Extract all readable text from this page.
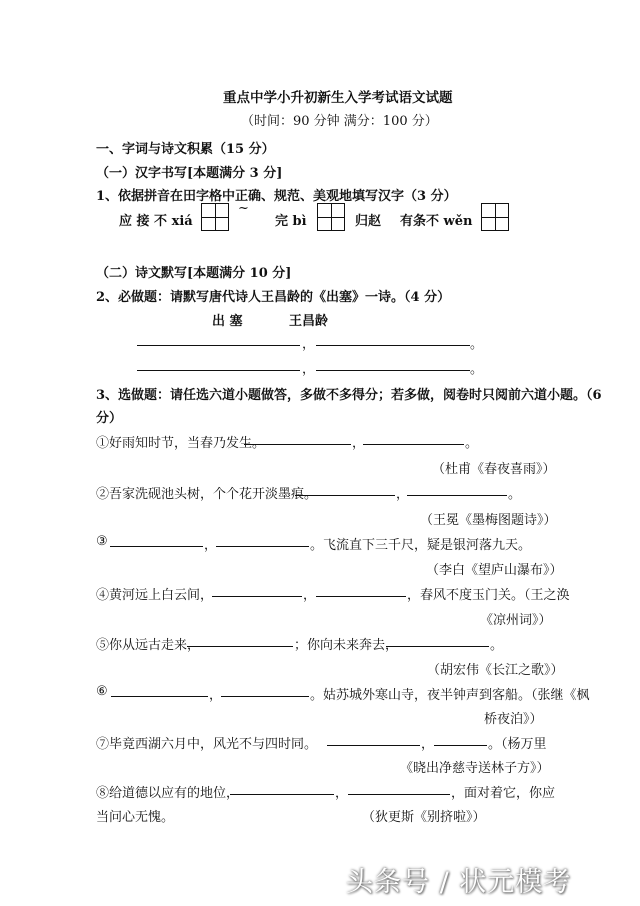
重点中学小升初新生入学考试语文试题
（时间：90 分钟 满分：100 分）
一、字词与诗文积累（15 分）
（一）汉字书写[本题满分 3 分]
1、依据拼音在田字格中正确、规范、美观地填写汉字（3 分）
应 接 不 xiá
~
完 bì	归赵 有条不 wěn
（二）诗文默写[本题满分 10 分]
2、必做题：请默写唐代诗人王昌龄的《出塞》一诗。（4 分）
出 塞	王昌龄
，	。
，	。
3、选做题：请任选六道小题做答，多做不多得分；若多做，阅卷时只阅前六道小题。（6
分）
①好雨知时节，当春乃发生。	，	。
（杜甫《春夜喜雨》）
②吾家洗砚池头树，个个花开淡墨痕。	，	。
（王冕《墨梅图题诗》）
③	，	。飞流直下三千尺，疑是银河落九天。
（李白《望庐山瀑布》）
④黄河远上白云间，	，	，春风不度玉门关。（王之涣
《凉州词》）
⑤你从远古走来，	；你向未来奔去，	。
（胡宏伟《长江之歌》）
⑥	，	。姑苏城外寒山寺，夜半钟声到客船。（张继《枫
桥夜泊》）
⑦毕竟西湖六月中，风光不与四时同。	，	。（杨万里
《晓出净慈寺送林子方》）
⑧给道德以应有的地位，	，	，面对着它，你应
当问心无愧。	（狄更斯《别挤啦》）
头条号 / 状元模考
